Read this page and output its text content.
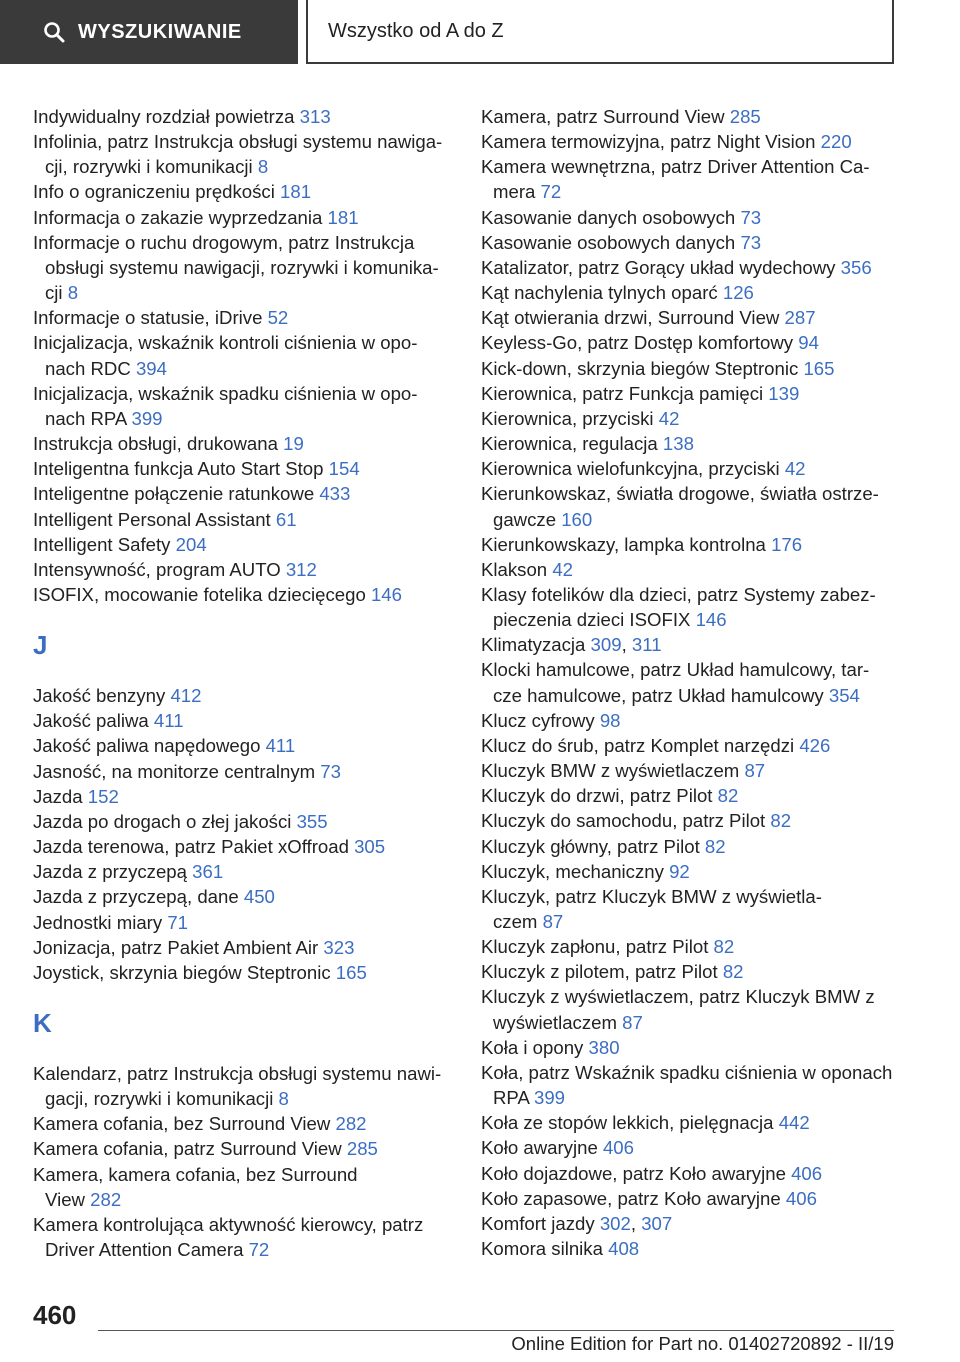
WYSZUKIWANIE	Wszystko od A do Z
Indywidualny rozdział powietrza 313
Infolinia, patrz Instrukcja obsługi systemu nawiga-
cji, rozrywki i komunikacji 8
Info o ograniczeniu prędkości 181
Informacja o zakazie wyprzedzania 181
Informacje o ruchu drogowym, patrz Instrukcja
obsługi systemu nawigacji, rozrywki i komunika-
cji 8
Informacje o statusie, iDrive 52
Inicjalizacja, wskaźnik kontroli ciśnienia w opo-
nach RDC 394
Inicjalizacja, wskaźnik spadku ciśnienia w opo-
nach RPA 399
Instrukcja obsługi, drukowana 19
Inteligentna funkcja Auto Start Stop 154
Inteligentne połączenie ratunkowe 433
Intelligent Personal Assistant 61
Intelligent Safety 204
Intensywność, program AUTO 312
ISOFIX, mocowanie fotelika dziecięcego 146
J
Jakość benzyny 412
Jakość paliwa 411
Jakość paliwa napędowego 411
Jasność, na monitorze centralnym 73
Jazda 152
Jazda po drogach o złej jakości 355
Jazda terenowa, patrz Pakiet xOffroad 305
Jazda z przyczepą 361
Jazda z przyczepą, dane 450
Jednostki miary 71
Jonizacja, patrz Pakiet Ambient Air 323
Joystick, skrzynia biegów Steptronic 165
K
Kalendarz, patrz Instrukcja obsługi systemu nawi-
gacji, rozrywki i komunikacji 8
Kamera cofania, bez Surround View 282
Kamera cofania, patrz Surround View 285
Kamera, kamera cofania, bez Surround
View 282
Kamera kontrolująca aktywność kierowcy, patrz
Driver Attention Camera 72
Kamera, patrz Surround View 285
Kamera termowizyjna, patrz Night Vision 220
Kamera wewnętrzna, patrz Driver Attention Ca-
mera 72
Kasowanie danych osobowych 73
Kasowanie osobowych danych 73
Katalizator, patrz Gorący układ wydechowy 356
Kąt nachylenia tylnych oparć 126
Kąt otwierania drzwi, Surround View 287
Keyless-Go, patrz Dostęp komfortowy 94
Kick-down, skrzynia biegów Steptronic 165
Kierownica, patrz Funkcja pamięci 139
Kierownica, przyciski 42
Kierownica, regulacja 138
Kierownica wielofunkcyjna, przyciski 42
Kierunkowskaz, światła drogowe, światła ostrze-
gawcze 160
Kierunkowskazy, lampka kontrolna 176
Klakson 42
Klasy fotelików dla dzieci, patrz Systemy zabez-
pieczenia dzieci ISOFIX 146
Klimatyzacja 309, 311
Klocki hamulcowe, patrz Układ hamulcowy, tar-
cze hamulcowe, patrz Układ hamulcowy 354
Klucz cyfrowy 98
Klucz do śrub, patrz Komplet narzędzi 426
Kluczyk BMW z wyświetlaczem 87
Kluczyk do drzwi, patrz Pilot 82
Kluczyk do samochodu, patrz Pilot 82
Kluczyk główny, patrz Pilot 82
Kluczyk, mechaniczny 92
Kluczyk, patrz Kluczyk BMW z wyświetla-
czem 87
Kluczyk zapłonu, patrz Pilot 82
Kluczyk z pilotem, patrz Pilot 82
Kluczyk z wyświetlaczem, patrz Kluczyk BMW z
wyświetlaczem 87
Koła i opony 380
Koła, patrz Wskaźnik spadku ciśnienia w oponach
RPA 399
Koła ze stopów lekkich, pielęgnacja 442
Koło awaryjne 406
Koło dojazdowe, patrz Koło awaryjne 406
Koło zapasowe, patrz Koło awaryjne 406
Komfort jazdy 302, 307
Komora silnika 408
460
Online Edition for Part no. 01402720892 - II/19
